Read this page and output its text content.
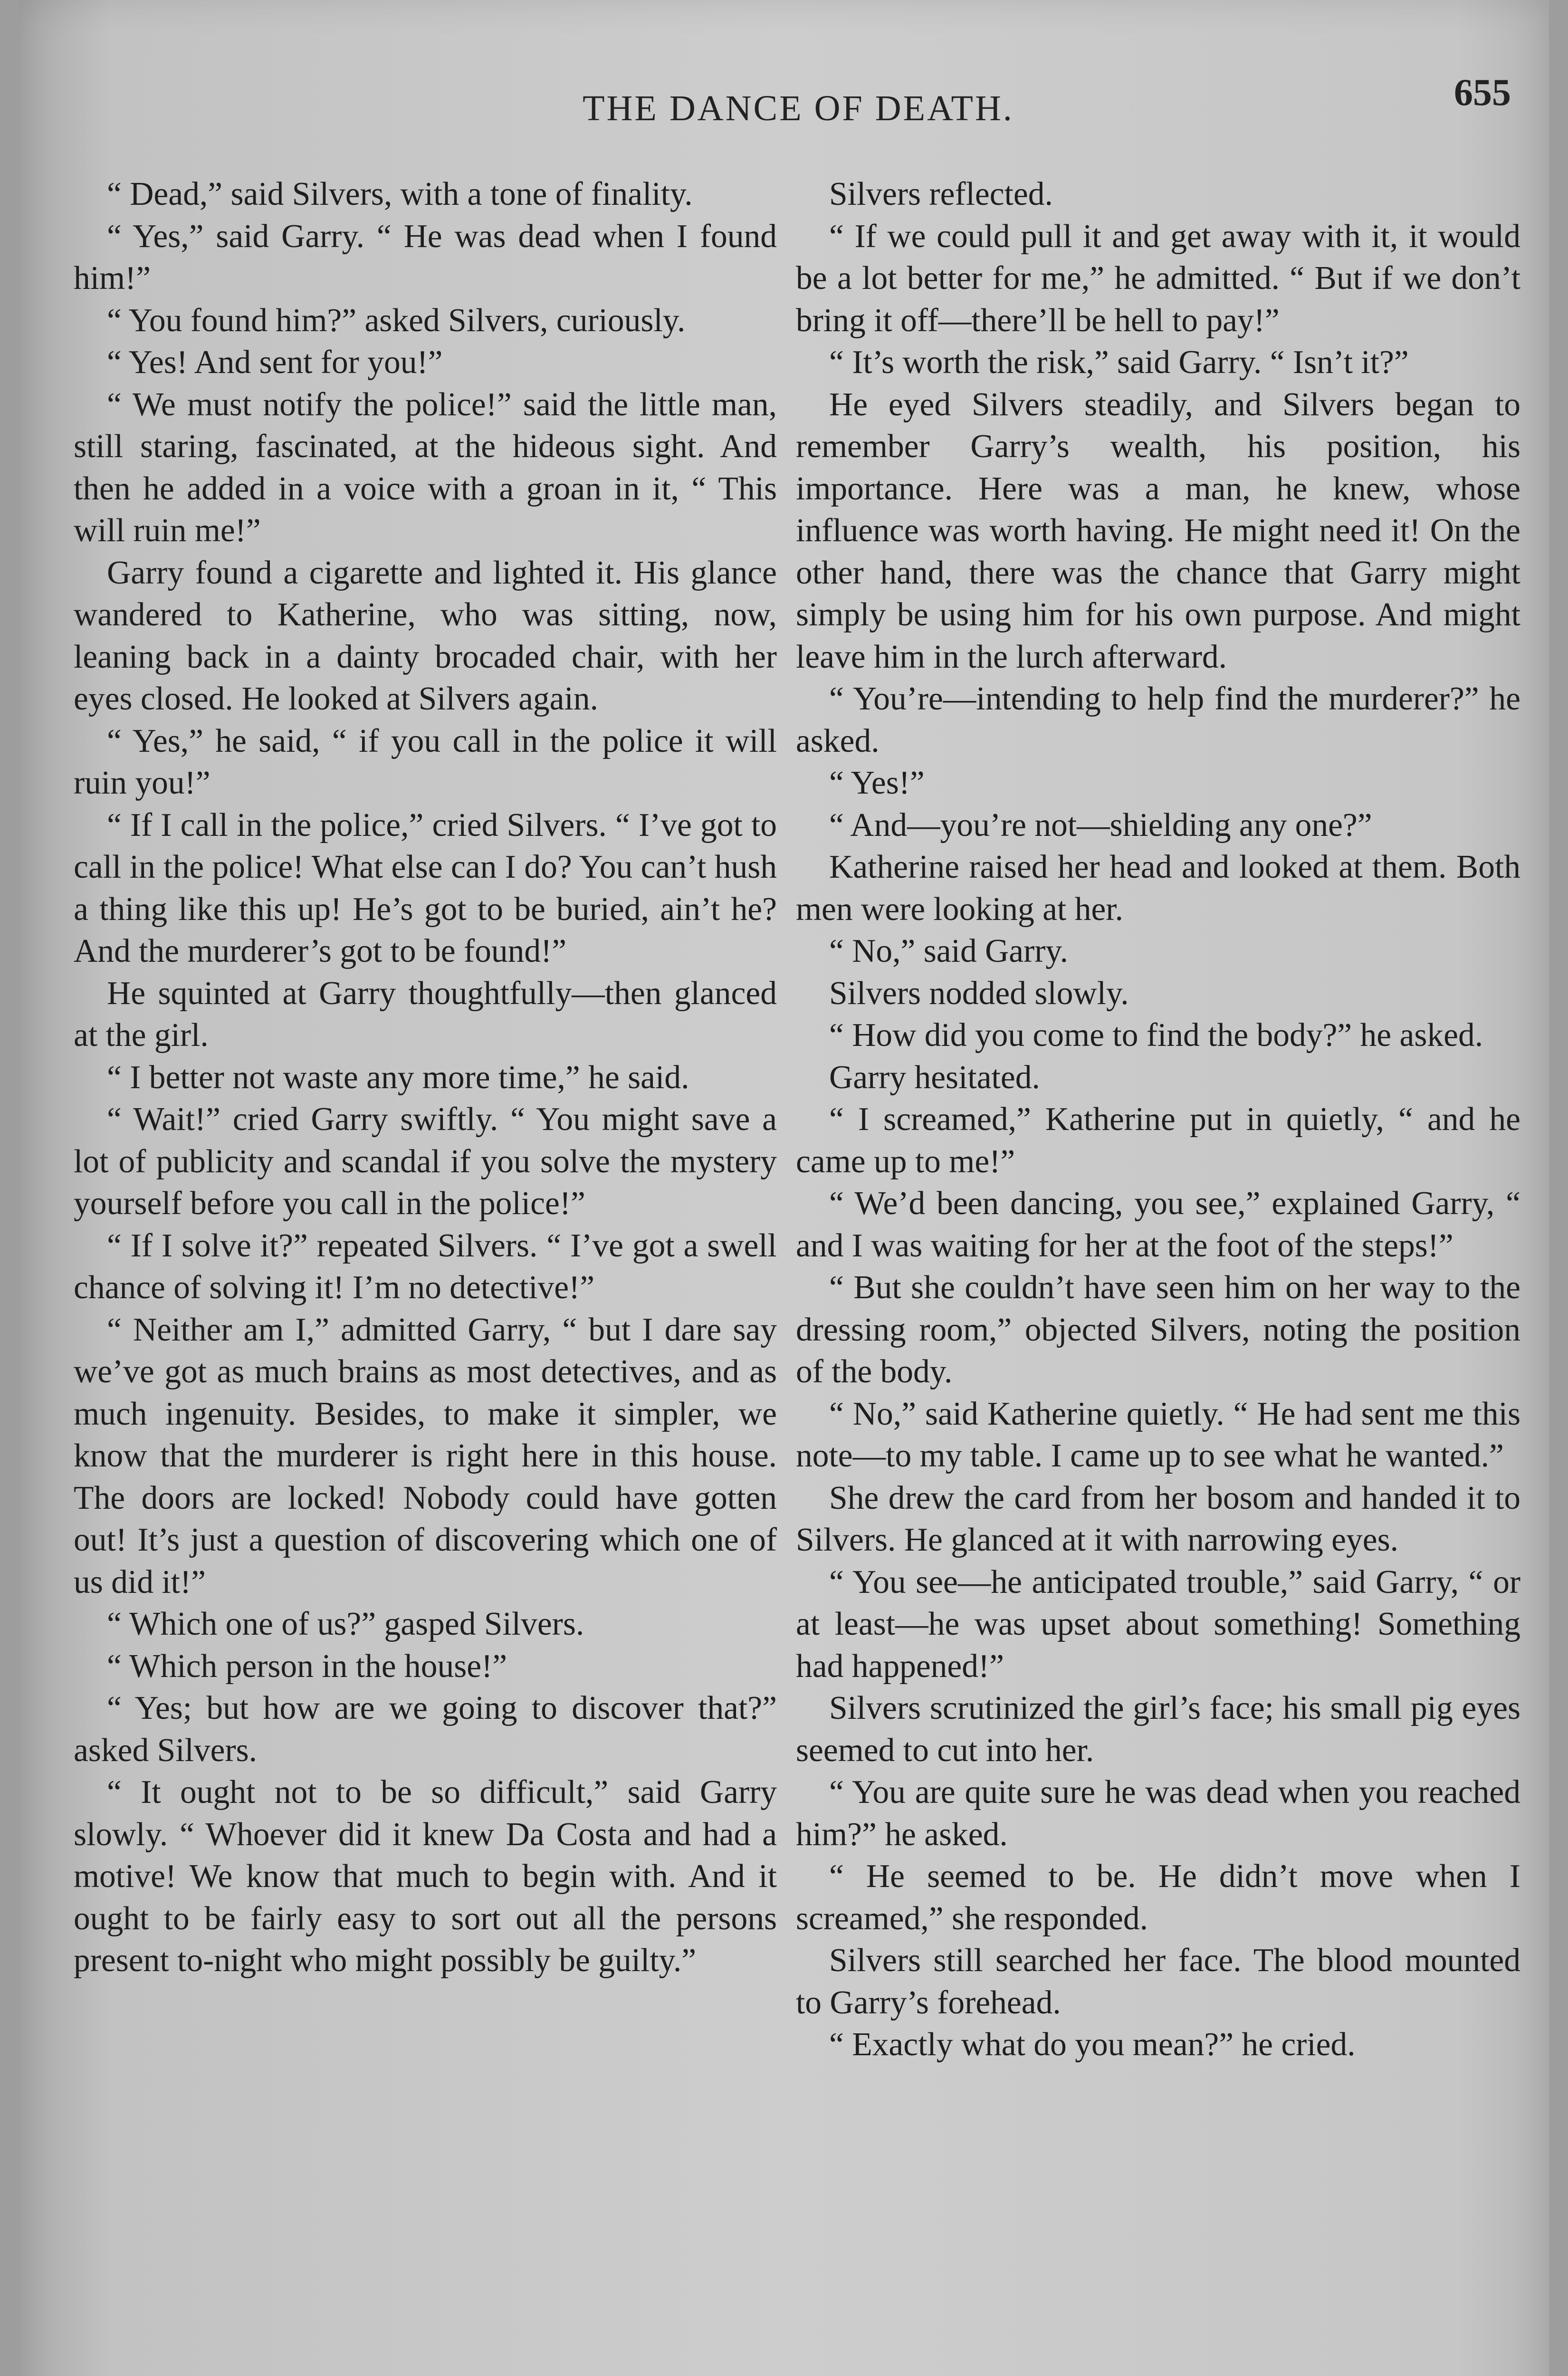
THE DANCE OF DEATH.	655

“ Dead,” said Silvers, with a tone of finality.

“ Yes,” said Garry. “ He was dead when I found him!”

“ You found him?” asked Silvers, curiously.

“ Yes! And sent for you!”

“ We must notify the police!” said the little man, still staring, fascinated, at the hideous sight. And then he added in a voice with a groan in it, “ This will ruin me!”

Garry found a cigarette and lighted it. His glance wandered to Katherine, who was sitting, now, leaning back in a dainty brocaded chair, with her eyes closed. He looked at Silvers again.

“ Yes,” he said, “ if you call in the police it will ruin you!”

“ If I call in the police,” cried Silvers. “ I’ve got to call in the police! What else can I do? You can’t hush a thing like this up! He’s got to be buried, ain’t he? And the murderer’s got to be found!”

He squinted at Garry thoughtfully—then glanced at the girl.

“ I better not waste any more time,” he said.

“ Wait!” cried Garry swiftly. “ You might save a lot of publicity and scandal if you solve the mystery yourself before you call in the police!”

“ If I solve it?” repeated Silvers. “ I’ve got a swell chance of solving it! I’m no detective!”

“ Neither am I,” admitted Garry, “ but I dare say we’ve got as much brains as most detectives, and as much ingenuity. Besides, to make it simpler, we know that the murderer is right here in this house. The doors are locked! Nobody could have gotten out! It’s just a question of discovering which one of us did it!”

“ Which one of us?” gasped Silvers.

“ Which person in the house!”

“ Yes; but how are we going to discover that?” asked Silvers.

“ It ought not to be so difficult,” said Garry slowly. “ Whoever did it knew Da Costa and had a motive! We know that much to begin with. And it ought to be fairly easy to sort out all the persons present to-night who might possibly be guilty.”

Silvers reflected.

“ If we could pull it and get away with it, it would be a lot better for me,” he admitted. “ But if we don’t bring it off—there’ll be hell to pay!”

“ It’s worth the risk,” said Garry. “ Isn’t it?”

He eyed Silvers steadily, and Silvers began to remember Garry’s wealth, his position, his importance. Here was a man, he knew, whose influence was worth having. He might need it! On the other hand, there was the chance that Garry might simply be using him for his own purpose. And might leave him in the lurch afterward.

“ You’re—intending to help find the murderer?” he asked.

“ Yes!”

“ And—you’re not—shielding any one?”

Katherine raised her head and looked at them. Both men were looking at her.

“ No,” said Garry.

Silvers nodded slowly.

“ How did you come to find the body?” he asked.

Garry hesitated.

“ I screamed,” Katherine put in quietly, “ and he came up to me!”

“ We’d been dancing, you see,” explained Garry, “ and I was waiting for her at the foot of the steps!”

“ But she couldn’t have seen him on her way to the dressing room,” objected Silvers, noting the position of the body.

“ No,” said Katherine quietly. “ He had sent me this note—to my table. I came up to see what he wanted.”

She drew the card from her bosom and handed it to Silvers. He glanced at it with narrowing eyes.

“ You see—he anticipated trouble,” said Garry, “ or at least—he was upset about something! Something had happened!”

Silvers scrutinized the girl’s face; his small pig eyes seemed to cut into her.

“ You are quite sure he was dead when you reached him?” he asked.

“ He seemed to be. He didn’t move when I screamed,” she responded.

Silvers still searched her face. The blood mounted to Garry’s forehead.

“ Exactly what do you mean?” he cried.
